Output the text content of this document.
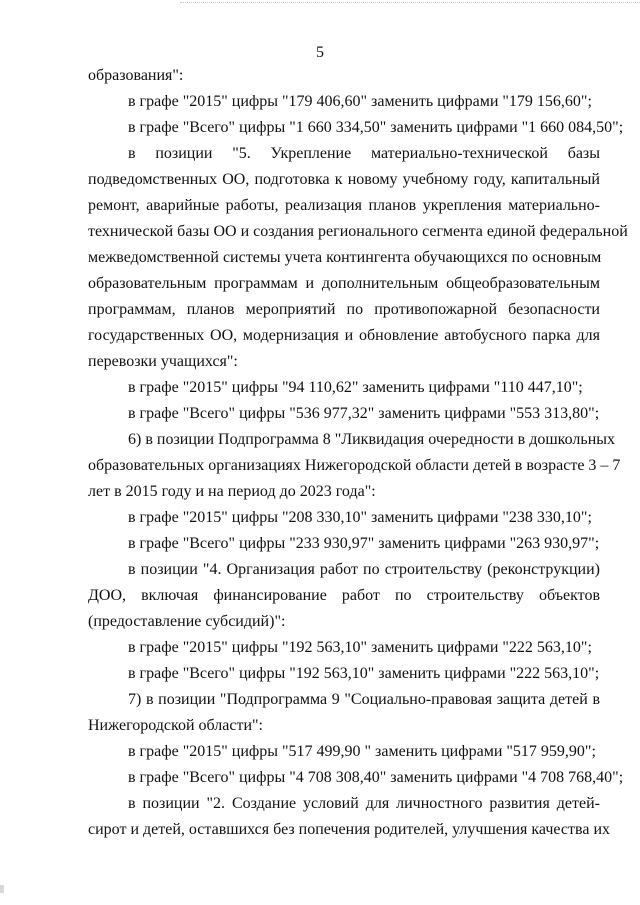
5
образования":
в графе "2015" цифры "179 406,60" заменить цифрами "179 156,60";
в графе "Всего" цифры "1 660 334,50" заменить цифрами "1 660 084,50";
в позиции "5. Укрепление материально-технической базы
подведомственных ОО, подготовка к новому учебному году, капитальный
ремонт, аварийные работы, реализация планов укрепления материально-
технической базы ОО и создания регионального сегмента единой федеральной
межведомственной системы учета контингента обучающихся по основным
образовательным программам и дополнительным общеобразовательным
программам, планов мероприятий по противопожарной безопасности
государственных ОО, модернизация и обновление автобусного парка для
перевозки учащихся":
в графе "2015" цифры "94 110,62" заменить цифрами "110 447,10";
в графе "Всего" цифры "536 977,32" заменить цифрами "553 313,80";
6) в позиции Подпрограмма 8 "Ликвидация очередности в дошкольных
образовательных организациях Нижегородской области детей в возрасте 3 – 7
лет в 2015 году и на период до 2023 года":
в графе "2015" цифры "208 330,10" заменить цифрами "238 330,10";
в графе "Всего" цифры "233 930,97" заменить цифрами "263 930,97";
в позиции "4. Организация работ по строительству (реконструкции)
ДОО, включая финансирование работ по строительству объектов
(предоставление субсидий)":
в графе "2015" цифры "192 563,10" заменить цифрами "222 563,10";
в графе "Всего" цифры "192 563,10" заменить цифрами "222 563,10";
7) в позиции "Подпрограмма 9 "Социально-правовая защита детей в
Нижегородской области":
в графе "2015" цифры "517 499,90 " заменить цифрами "517 959,90";
в графе "Всего" цифры "4 708 308,40" заменить цифрами "4 708 768,40";
в позиции "2. Создание условий для личностного развития детей-
сирот и детей, оставшихся без попечения родителей, улучшения качества их
